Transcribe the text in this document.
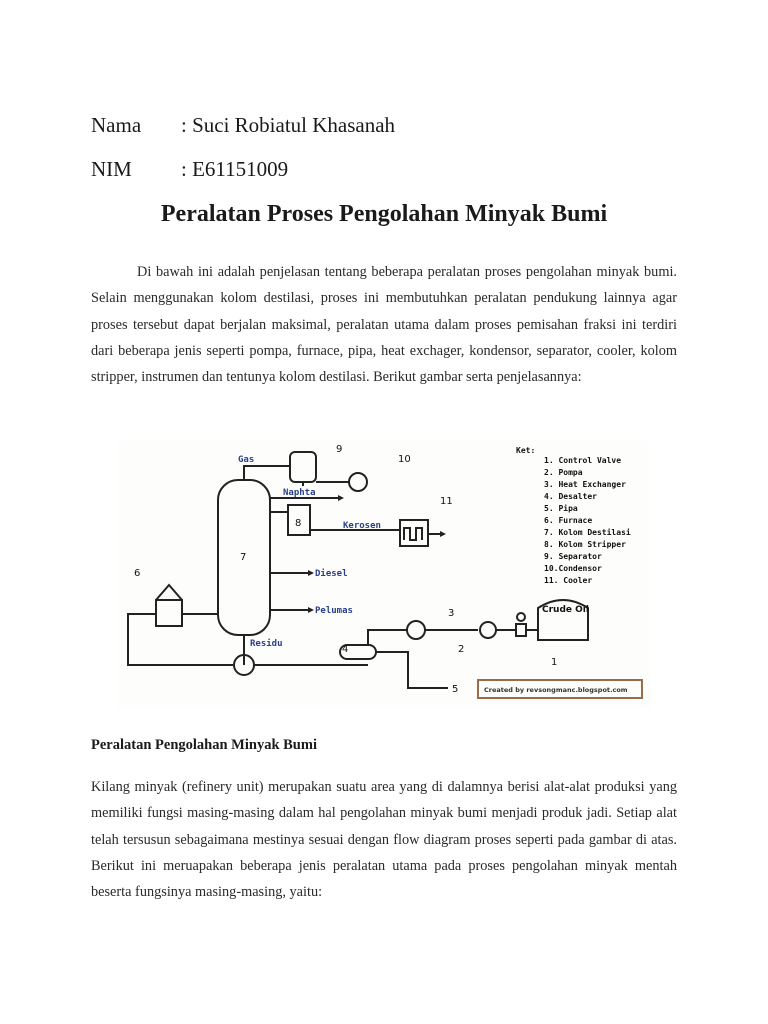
Nama : Suci Robiatul Khasanah
NIM : E61151009
Peralatan Proses Pengolahan Minyak Bumi

Di bawah ini adalah penjelasan tentang beberapa peralatan proses pengolahan minyak bumi. Selain menggunakan kolom destilasi, proses ini membutuhkan peralatan pendukung lainnya agar proses tersebut dapat berjalan maksimal, peralatan utama dalam proses pemisahan fraksi ini terdiri dari beberapa jenis seperti pompa, furnace, pipa, heat exchager, kondensor, separator, cooler, kolom stripper, instrumen dan tentunya kolom destilasi. Berikut gambar serta penjelasannya:

Gas
Naphta
Kerosen
Diesel
Pelumas
Residu
Crude Oil
1
2
3
4
5
6
7
8
9
10
11
Ket:
1. Control Valve
2. Pompa
3. Heat Exchanger
4. Desalter
5. Pipa
6. Furnace
7. Kolom Destilasi
8. Kolom Stripper
9. Separator
10.Condensor
11. Cooler
Created by revsongmanc.blogspot.com
Peralatan Pengolahan Minyak Bumi

Kilang minyak (refinery unit) merupakan suatu area yang di dalamnya berisi alat-alat produksi yang memiliki fungsi masing-masing dalam hal pengolahan minyak bumi menjadi produk jadi. Setiap alat telah tersusun sebagaimana mestinya sesuai dengan flow diagram proses seperti pada gambar di atas. Berikut ini meruapakan beberapa jenis peralatan utama pada proses pengolahan minyak mentah beserta fungsinya masing-masing, yaitu:
